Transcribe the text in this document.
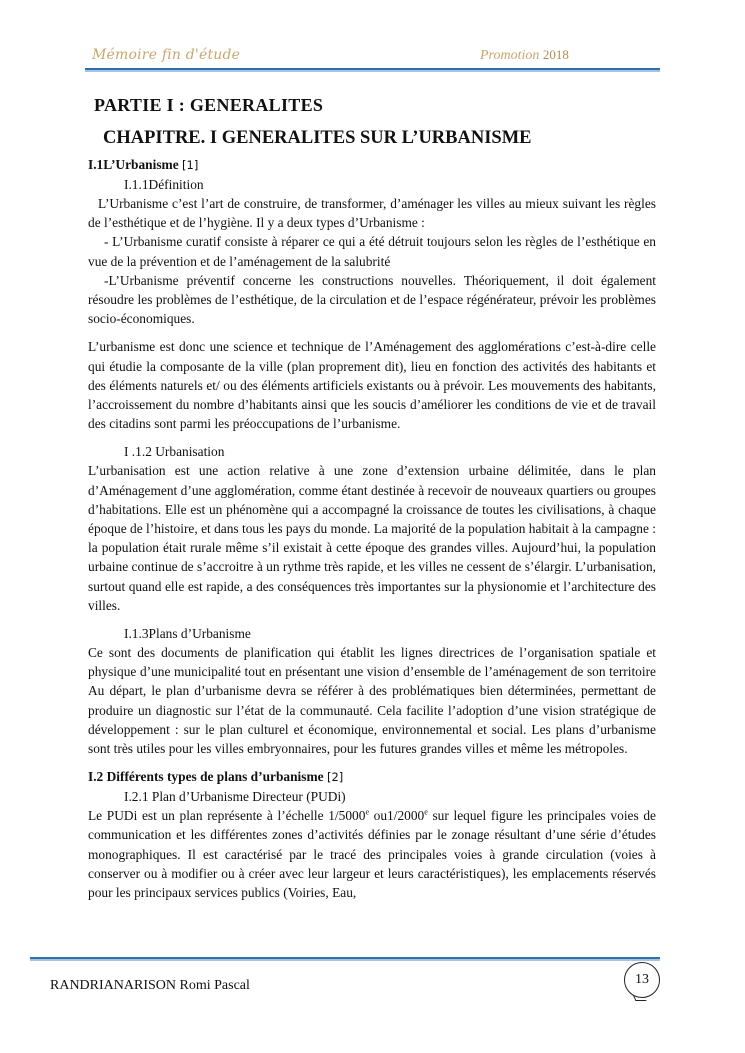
Mémoire fin d'étude	Promotion 2018
PARTIE I : GENERALITES
CHAPITRE. I GENERALITES SUR L’URBANISME
I.1L’Urbanisme [1]
I.1.1Définition

L’Urbanisme c’est l’art de construire, de transformer, d’aménager les villes au mieux suivant les règles de l’esthétique et de l’hygiène. Il y a deux types d’Urbanisme :

- L’Urbanisme curatif consiste à réparer ce qui a été détruit toujours selon les règles de l’esthétique en vue de la prévention et de l’aménagement de la salubrité

-L’Urbanisme préventif concerne les constructions nouvelles. Théoriquement, il doit également résoudre les problèmes de l’esthétique, de la circulation et de l’espace régénérateur, prévoir les problèmes socio-économiques.

L’urbanisme est donc une science et technique de l’Aménagement des agglomérations c’est-à-dire celle qui étudie la composante de la ville (plan proprement dit), lieu en fonction des activités des habitants et des éléments naturels et/ ou des éléments artificiels existants ou à prévoir. Les mouvements des habitants, l’accroissement du nombre d’habitants ainsi que les soucis d’améliorer les conditions de vie et de travail des citadins sont parmi les préoccupations de l’urbanisme.

I .1.2 Urbanisation

L’urbanisation est une action relative à une zone d’extension urbaine délimitée, dans le plan d’Aménagement d’une agglomération, comme étant destinée à recevoir de nouveaux quartiers ou groupes d’habitations. Elle est un phénomène qui a accompagné la croissance de toutes les civilisations, à chaque époque de l’histoire, et dans tous les pays du monde. La majorité de la population habitait à la campagne : la population était rurale même s’il existait à cette époque des grandes villes. Aujourd’hui, la population urbaine continue de s’accroitre à un rythme très rapide, et les villes ne cessent de s’élargir. L’urbanisation, surtout quand elle est rapide, a des conséquences très importantes sur la physionomie et l’architecture des villes.

I.1.3Plans d’Urbanisme

Ce sont des documents de planification qui établit les lignes directrices de l’organisation spatiale et physique d’une municipalité tout en présentant une vision d’ensemble de l’aménagement de son territoire Au départ, le plan d’urbanisme devra se référer à des problématiques bien déterminées, permettant de produire un diagnostic sur l’état de la communauté. Cela facilite l’adoption d’une vision stratégique de développement : sur le plan culturel et économique, environnemental et social. Les plans d’urbanisme sont très utiles pour les villes embryonnaires, pour les futures grandes villes et même les métropoles.

I.2 Différents types de plans d’urbanisme [2]
I.2.1 Plan d’Urbanisme Directeur (PUDi)

Le PUDi est un plan représente à l’échelle 1/5000e ou1/2000e sur lequel figure les principales voies de communication et les différentes zones d’activités définies par le zonage résultant d’une série d’études monographiques. Il est caractérisé par le tracé des principales voies à grande circulation (voies à conserver ou à modifier ou à créer avec leur largeur et leurs caractéristiques), les emplacements réservés pour les principaux services publics (Voiries, Eau,

RANDRIANARISON Romi Pascal	13
